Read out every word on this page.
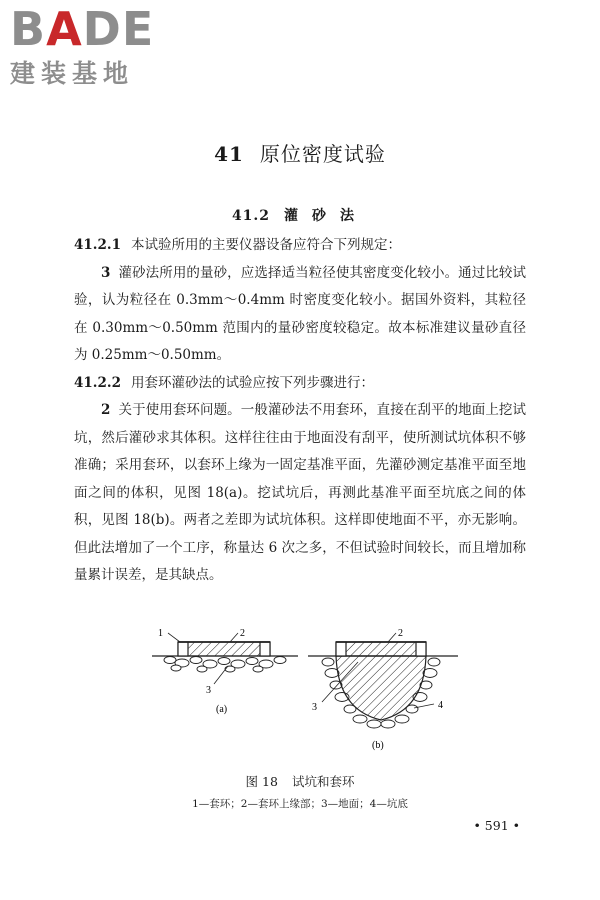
BADE
建装基地
41 原位密度试验
41.2 灌砂法

41.2.1 本试验所用的主要仪器设备应符合下列规定：

3 灌砂法所用的量砂，应选择适当粒径使其密度变化较小。通过比较试验，认为粒径在 0.3mm～0.4mm 时密度变化较小。据国外资料，其粒径在 0.30mm～0.50mm 范围内的量砂密度较稳定。故本标准建议量砂直径为 0.25mm～0.50mm。

41.2.2 用套环灌砂法的试验应按下列步骤进行：

2 关于使用套环问题。一般灌砂法不用套环，直接在刮平的地面上挖试坑，然后灌砂求其体积。这样往往由于地面没有刮平，使所测试坑体积不够准确；采用套环，以套环上缘为一固定基准平面，先灌砂测定基准平面至地面之间的体积，见图 18(a)。挖试坑后，再测此基准平面至坑底之间的体积，见图 18(b)。两者之差即为试坑体积。这样即使地面不平，亦无影响。但此法增加了一个工序，称量达 6 次之多，不但试验时间较长，而且增加称量累计误差，是其缺点。

1	2
3
(a)
2
3	4
(b)
图 18 试坑和套环
1—套环；2—套环上缘部；3—地面；4—坑底
• 591 •
